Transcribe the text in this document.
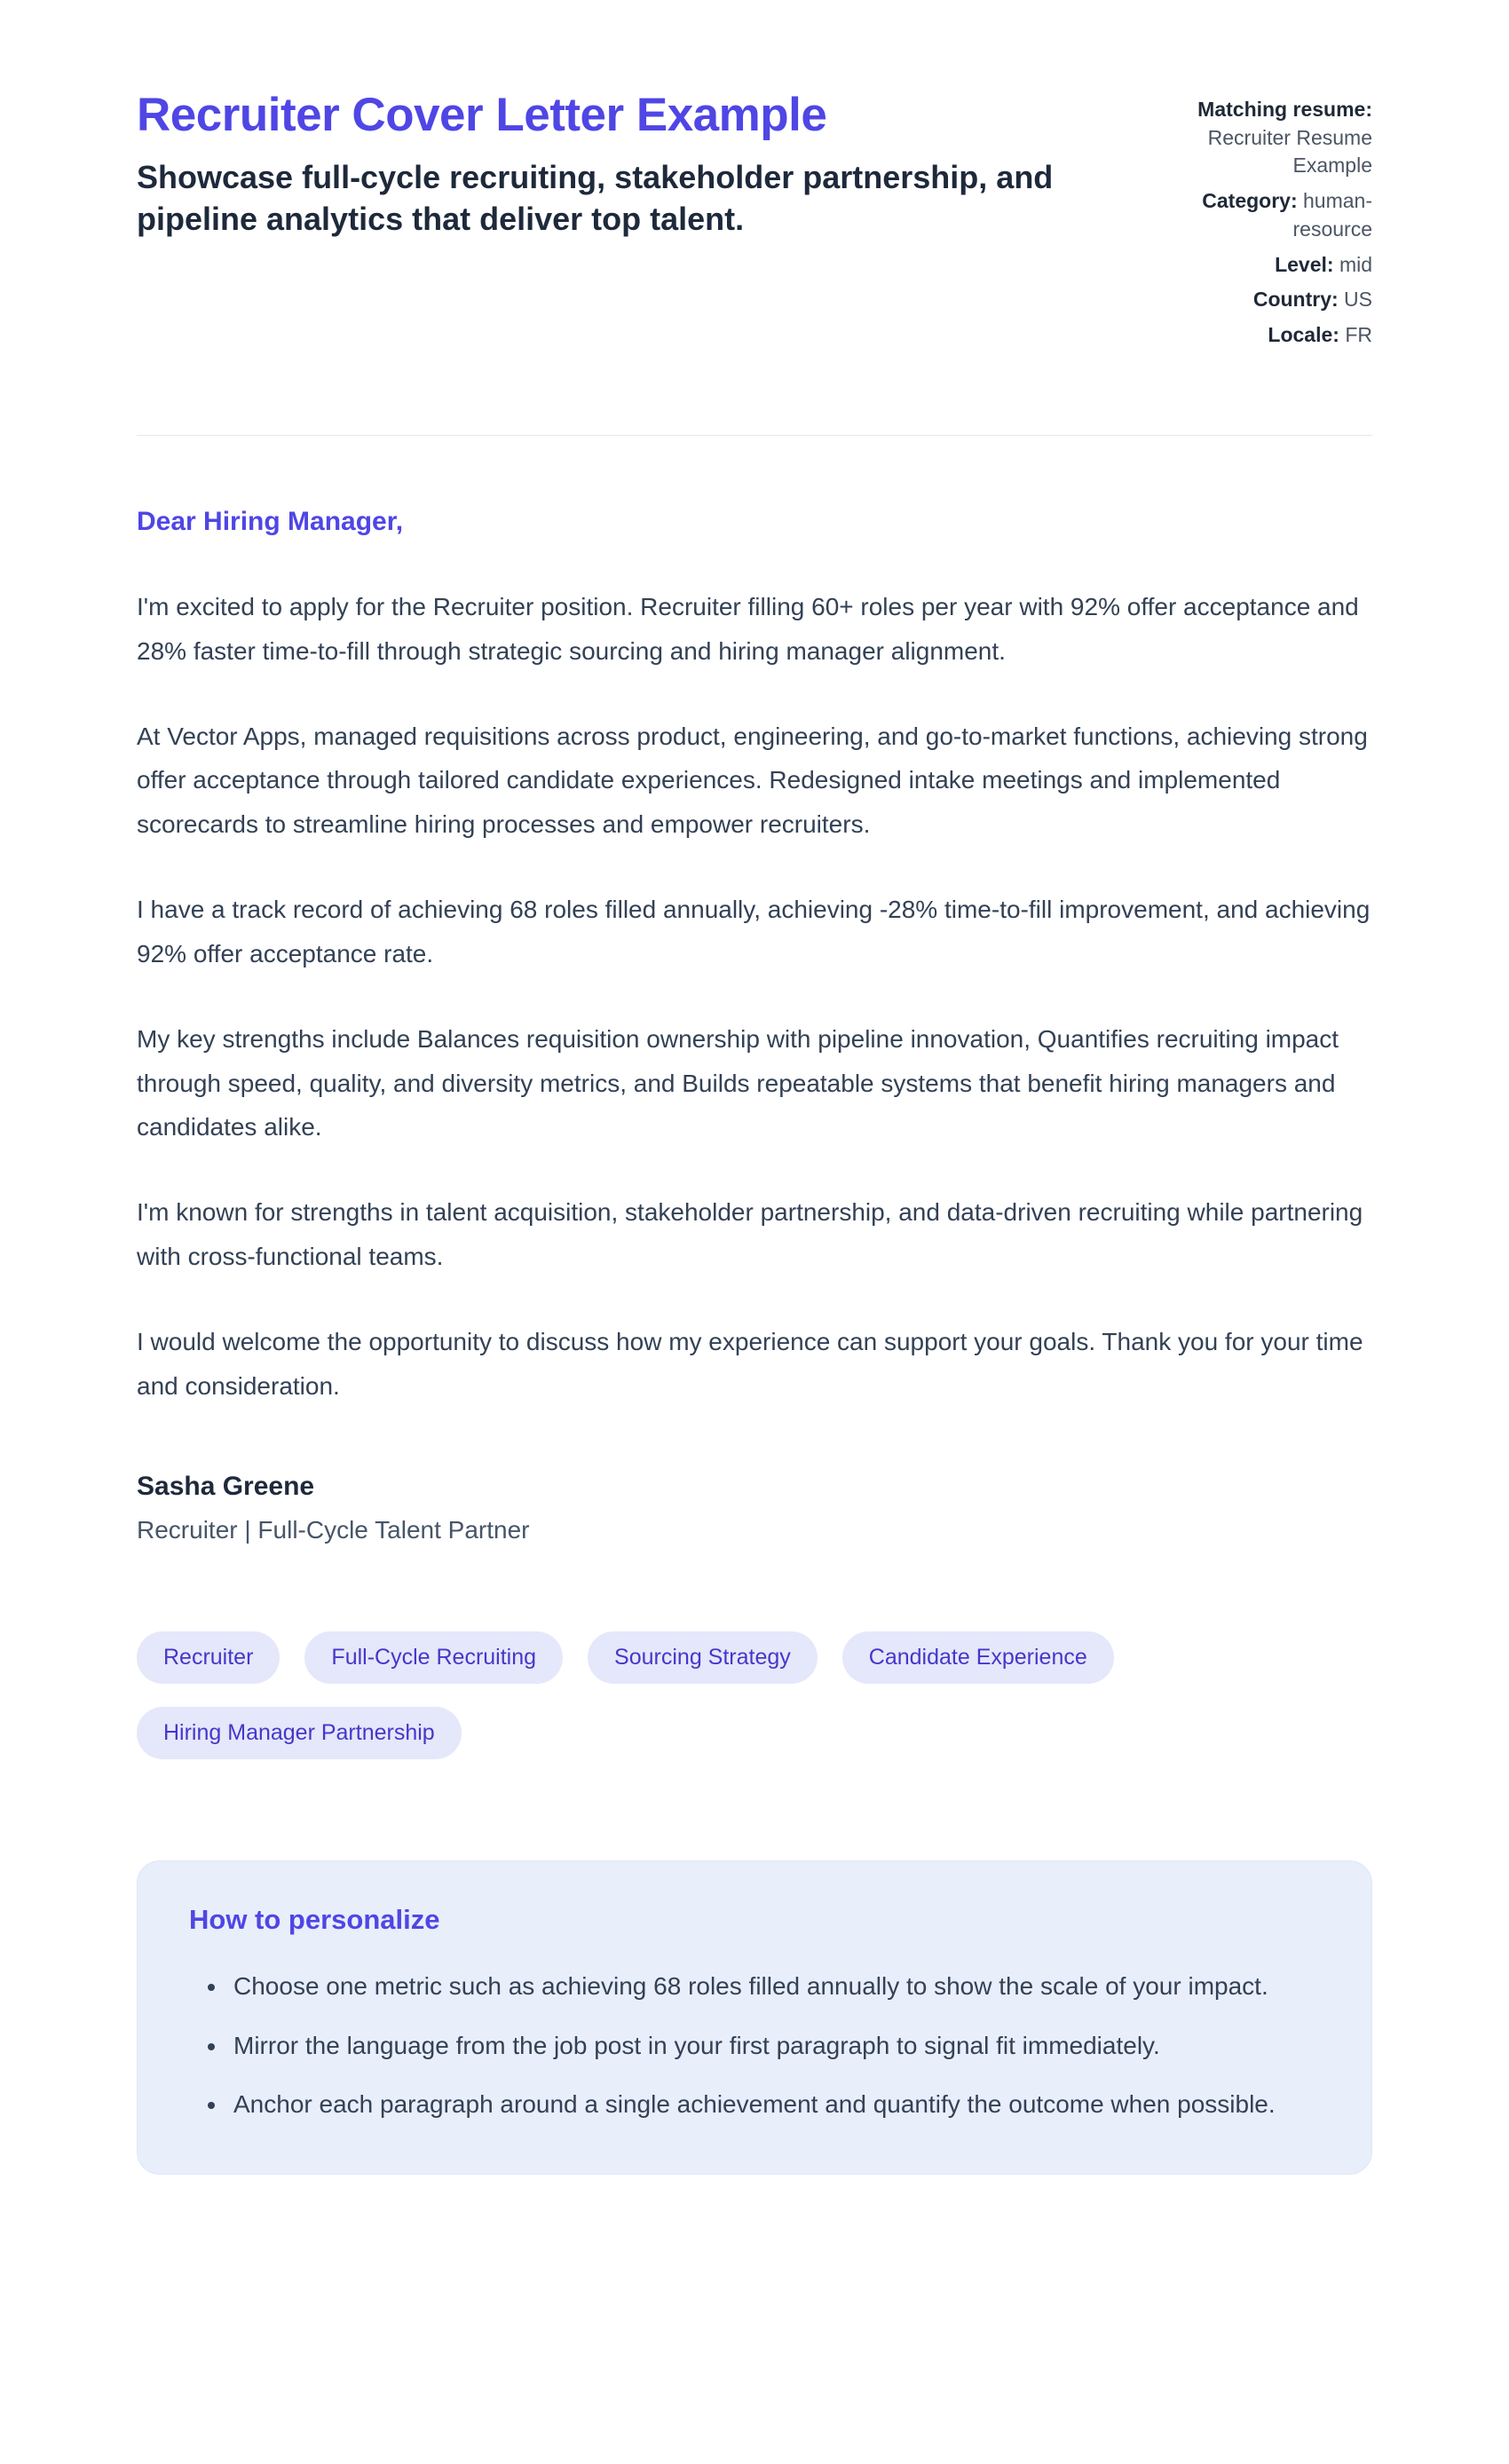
Recruiter Cover Letter Example

Showcase full-cycle recruiting, stakeholder partnership, and pipeline analytics that deliver top talent.

Matching resume: Recruiter Resume Example
Category: human-resource
Level: mid
Country: US
Locale: FR

Dear Hiring Manager,

I'm excited to apply for the Recruiter position. Recruiter filling 60+ roles per year with 92% offer acceptance and 28% faster time-to-fill through strategic sourcing and hiring manager alignment.

At Vector Apps, managed requisitions across product, engineering, and go-to-market functions, achieving strong offer acceptance through tailored candidate experiences. Redesigned intake meetings and implemented scorecards to streamline hiring processes and empower recruiters.

I have a track record of achieving 68 roles filled annually, achieving -28% time-to-fill improvement, and achieving 92% offer acceptance rate.

My key strengths include Balances requisition ownership with pipeline innovation, Quantifies recruiting impact through speed, quality, and diversity metrics, and Builds repeatable systems that benefit hiring managers and candidates alike.

I'm known for strengths in talent acquisition, stakeholder partnership, and data-driven recruiting while partnering with cross-functional teams.

I would welcome the opportunity to discuss how my experience can support your goals. Thank you for your time and consideration.

Sasha Greene

Recruiter | Full-Cycle Talent Partner

Recruiter	Full-Cycle Recruiting	Sourcing Strategy	Candidate Experience
Hiring Manager Partnership
How to personalize
• Choose one metric such as achieving 68 roles filled annually to show the scale of your impact.
• Mirror the language from the job post in your first paragraph to signal fit immediately.
• Anchor each paragraph around a single achievement and quantify the outcome when possible.
